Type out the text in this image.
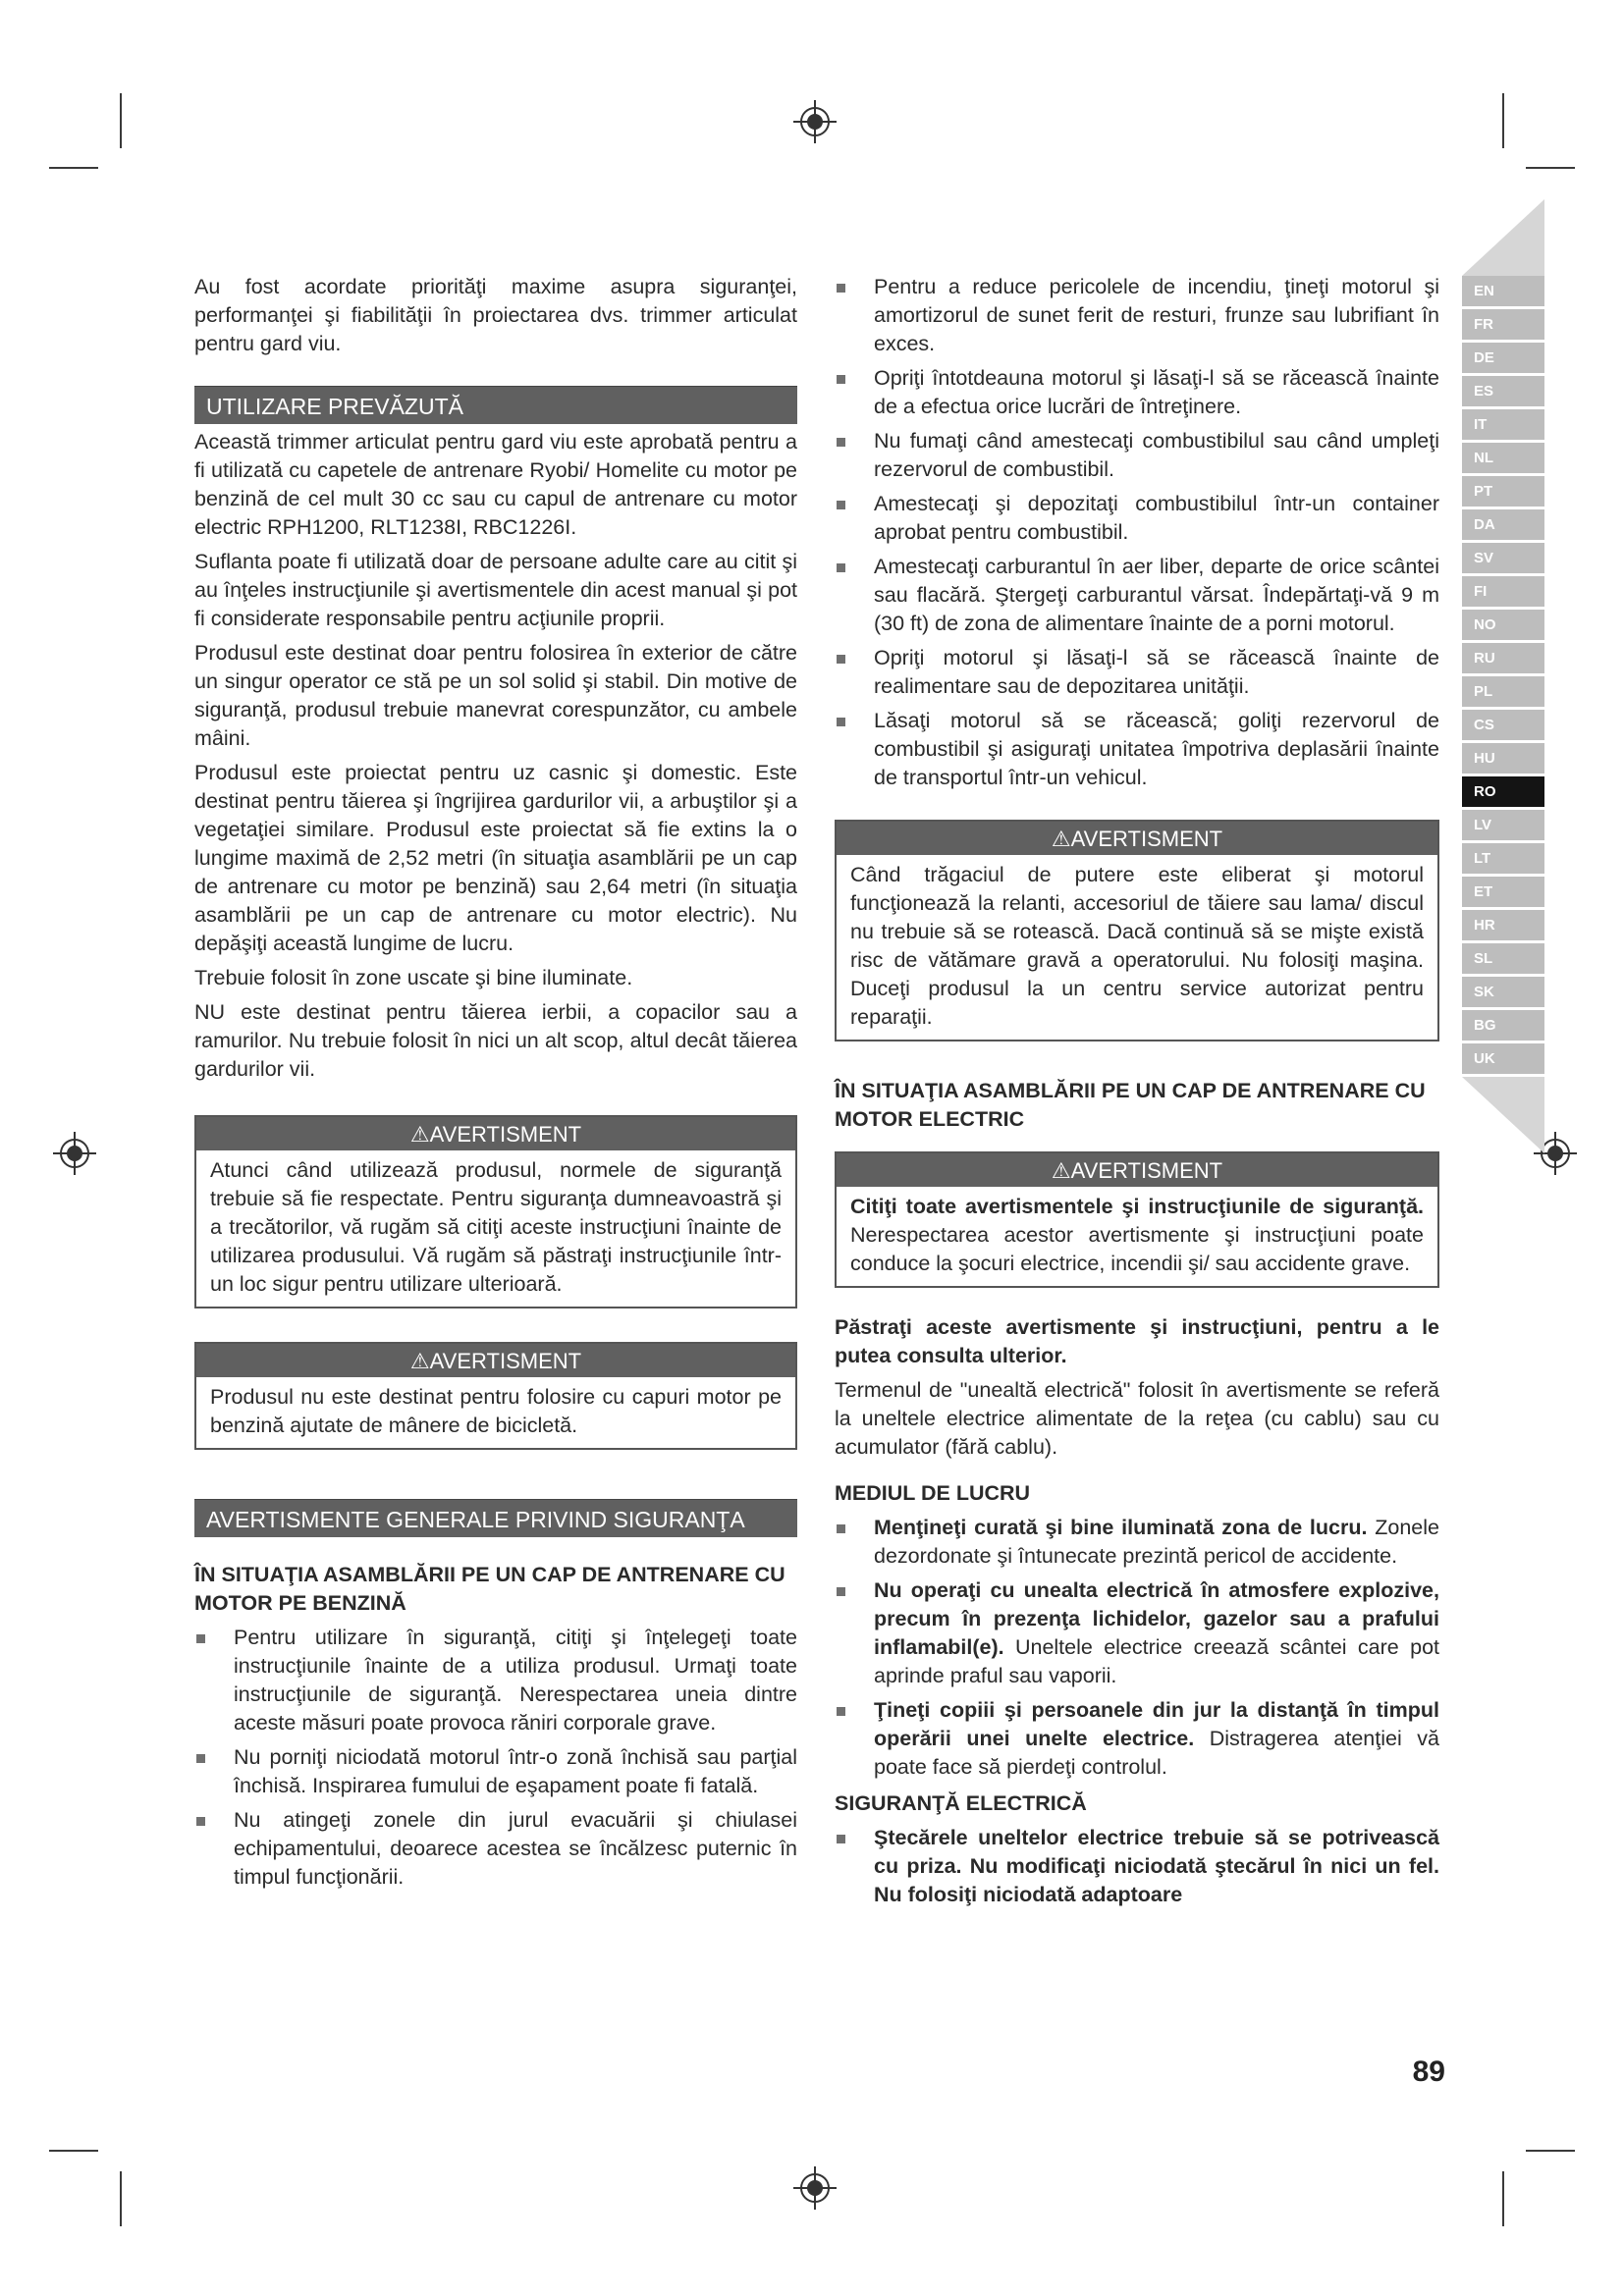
Au fost acordate priorităţi maxime asupra siguranţei, performanţei şi fiabilităţii în proiectarea dvs. trimmer articulat pentru gard viu.

UTILIZARE PREVĂZUTĂ

Această trimmer articulat pentru gard viu este aprobată pentru a fi utilizată cu capetele de antrenare Ryobi/ Homelite cu motor pe benzină de cel mult 30 cc sau cu capul de antrenare cu motor electric RPH1200, RLT1238I, RBC1226I.

Suflanta poate fi utilizată doar de persoane adulte care au citit şi au înţeles instrucţiunile şi avertismentele din acest manual şi pot fi considerate responsabile pentru acţiunile proprii.

Produsul este destinat doar pentru folosirea în exterior de către un singur operator ce stă pe un sol solid şi stabil. Din motive de siguranţă, produsul trebuie manevrat corespunzător, cu ambele mâini.

Produsul este proiectat pentru uz casnic şi domestic. Este destinat pentru tăierea şi îngrijirea gardurilor vii, a arbuştilor şi a vegetaţiei similare. Produsul este proiectat să fie extins la o lungime maximă de 2,52 metri (în situaţia asamblării pe un cap de antrenare cu motor pe benzină) sau 2,64 metri (în situaţia asamblării pe un cap de antrenare cu motor electric). Nu depăşiţi această lungime de lucru.

Trebuie folosit în zone uscate şi bine iluminate.

NU este destinat pentru tăierea ierbii, a copacilor sau a ramurilor. Nu trebuie folosit în nici un alt scop, altul decât tăierea gardurilor vii.

⚠AVERTISMENT

Atunci când utilizează produsul, normele de siguranţă trebuie să fie respectate. Pentru siguranţa dumneavoastră şi a trecătorilor, vă rugăm să citiţi aceste instrucţiuni înainte de utilizarea produsului. Vă rugăm să păstraţi instrucţiunile într-un loc sigur pentru utilizare ulterioară.

⚠AVERTISMENT

Produsul nu este destinat pentru folosire cu capuri motor pe benzină ajutate de mânere de bicicletă.

AVERTISMENTE GENERALE PRIVIND SIGURANŢA
ÎN SITUAŢIA ASAMBLĂRII PE UN CAP DE ANTRENARE CU MOTOR PE BENZINĂ
Pentru utilizare în siguranţă, citiţi şi înţelegeţi toate instrucţiunile înainte de a utiliza produsul. Urmaţi toate instrucţiunile de siguranţă. Nerespectarea uneia dintre aceste măsuri poate provoca răniri corporale grave.
Nu porniţi niciodată motorul într-o zonă închisă sau parţial închisă. Inspirarea fumului de eşapament poate fi fatală.
Nu atingeţi zonele din jurul evacuării şi chiulasei echipamentului, deoarece acestea se încălzesc puternic în timpul funcţionării.
Pentru a reduce pericolele de incendiu, ţineţi motorul şi amortizorul de sunet ferit de resturi, frunze sau lubrifiant în exces.
Opriţi întotdeauna motorul şi lăsaţi-l să se răcească înainte de a efectua orice lucrări de întreţinere.
Nu fumaţi când amestecaţi combustibilul sau când umpleţi rezervorul de combustibil.
Amestecaţi şi depozitaţi combustibilul într-un container aprobat pentru combustibil.
Amestecaţi carburantul în aer liber, departe de orice scântei sau flacără. Ştergeţi carburantul vărsat. Îndepărtaţi-vă 9 m (30 ft) de zona de alimentare înainte de a porni motorul.
Opriţi motorul şi lăsaţi-l să se răcească înainte de realimentare sau de depozitarea unităţii.
Lăsaţi motorul să se răcească; goliţi rezervorul de combustibil şi asiguraţi unitatea împotriva deplasării înainte de transportul într-un vehicul.
⚠AVERTISMENT

Când trăgaciul de putere este eliberat şi motorul funcţionează la relanti, accesoriul de tăiere sau lama/ discul nu trebuie să se rotească. Dacă continuă să se mişte există risc de vătămare gravă a operatorului. Nu folosiţi maşina. Duceţi produsul la un centru service autorizat pentru reparaţii.

ÎN SITUAŢIA ASAMBLĂRII PE UN CAP DE ANTRENARE CU MOTOR ELECTRIC
⚠AVERTISMENT

Citiţi toate avertismentele şi instrucţiunile de siguranţă. Nerespectarea acestor avertismente şi instrucţiuni poate conduce la şocuri electrice, incendii şi/ sau accidente grave.

Păstraţi aceste avertismente şi instrucţiuni, pentru a le putea consulta ulterior.

Termenul de "unealtă electrică" folosit în avertismente se referă la uneltele electrice alimentate de la reţea (cu cablu) sau cu acumulator (fără cablu).

MEDIUL DE LUCRU
Menţineţi curată şi bine iluminată zona de lucru. Zonele dezordonate şi întunecate prezintă pericol de accidente.
Nu operaţi cu unealta electrică în atmosfere explozive, precum în prezenţa lichidelor, gazelor sau a prafului inflamabil(e). Uneltele electrice creează scântei care pot aprinde praful sau vaporii.
Ţineţi copiii şi persoanele din jur la distanţă în timpul operării unei unelte electrice. Distragerea atenţiei vă poate face să pierdeţi controlul.
SIGURANŢĂ ELECTRICĂ
Ştecărele uneltelor electrice trebuie să se potrivească cu priza. Nu modificaţi niciodată ştecărul în nici un fel. Nu folosiţi niciodată adaptoare
EN
FR
DE
ES
IT
NL
PT
DA
SV
FI
NO
RU
PL
CS
HU
RO
LV
LT
ET
HR
SL
SK
BG
UK
89
